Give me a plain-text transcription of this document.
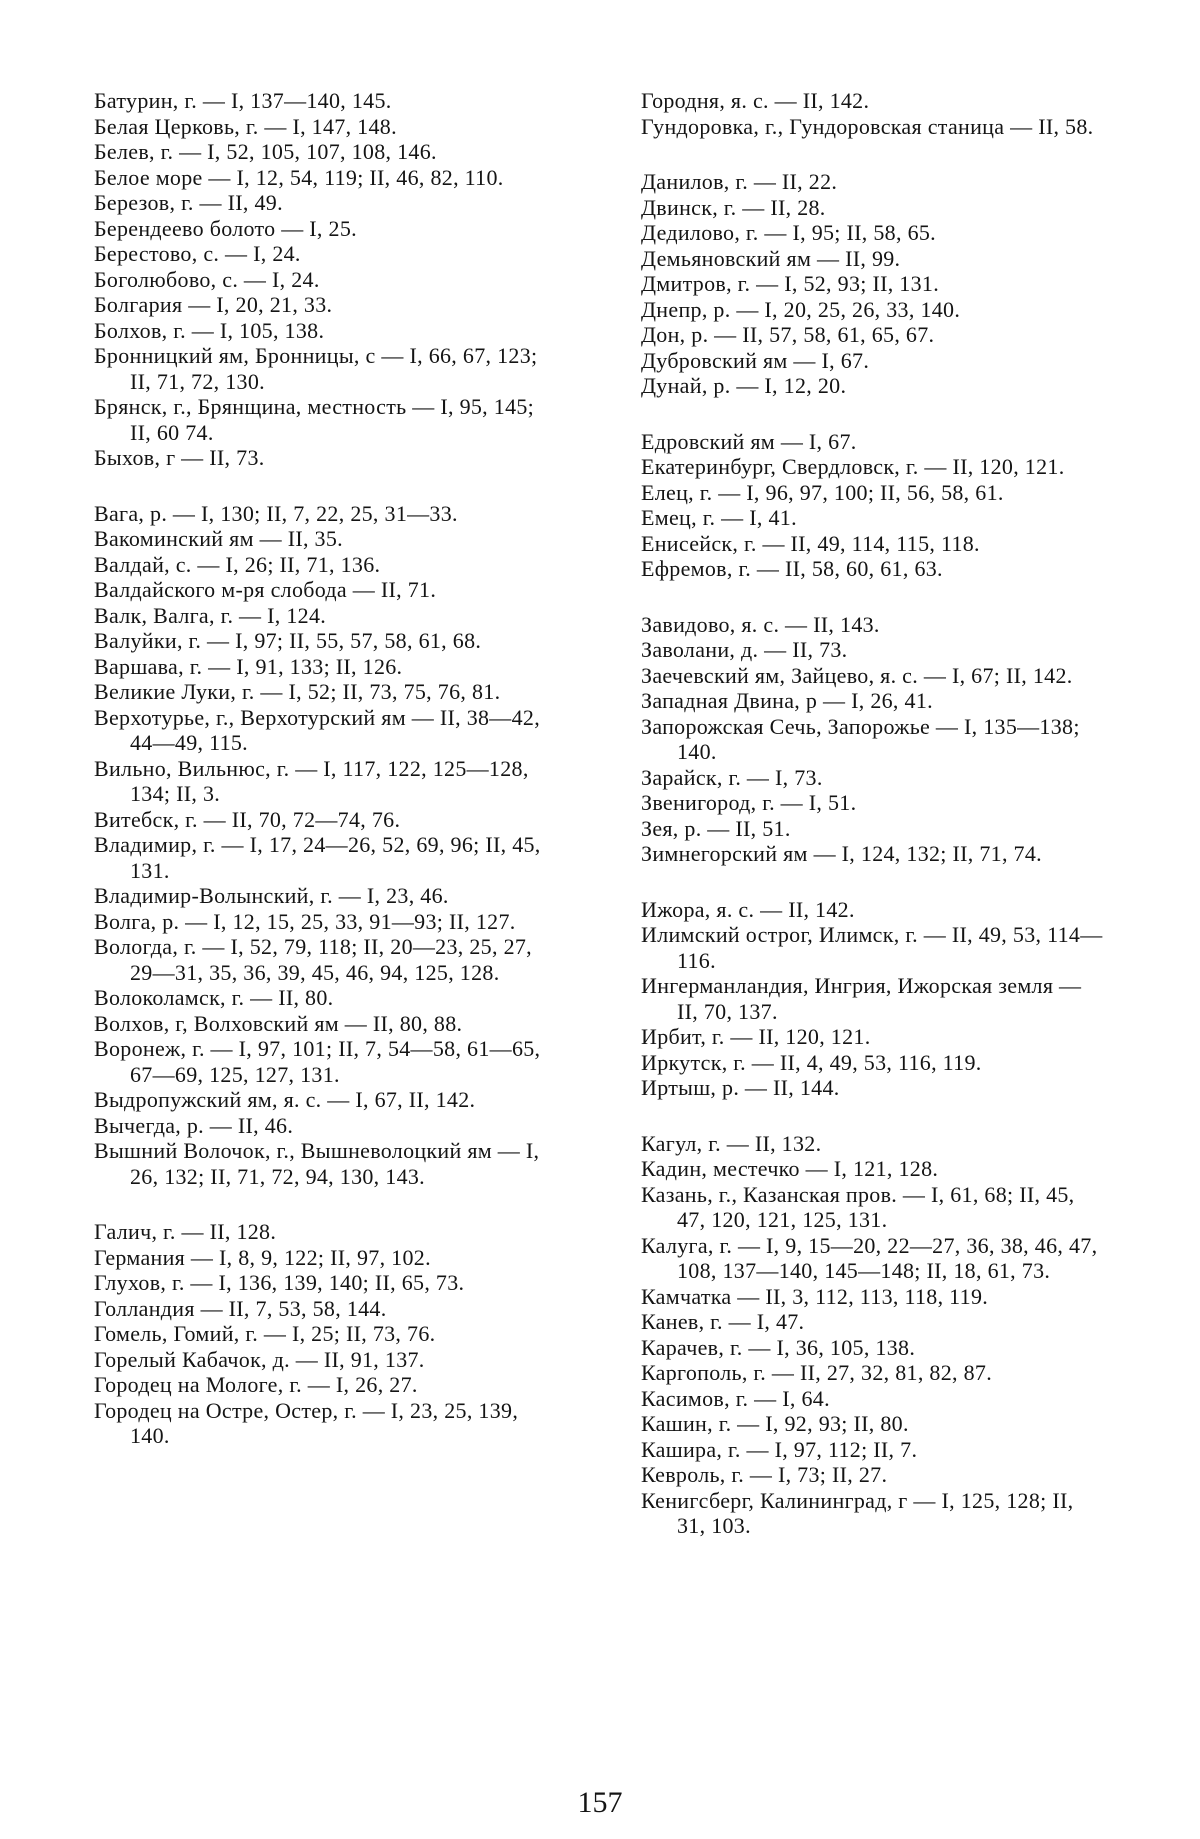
Батурин, г. — I, 137—140, 145.

Белая Церковь, г. — I, 147, 148.

Белев, г. — I, 52, 105, 107, 108, 146.

Белое море — I, 12, 54, 119; II, 46, 82, 110.

Березов, г. — II, 49.

Берендеево болото — I, 25.

Берестово, с. — I, 24.

Боголюбово, с. — I, 24.

Болгария — I, 20, 21, 33.

Болхов, г. — I, 105, 138.

Бронницкий ям, Бронницы, с — I, 66, 67, 123; II, 71, 72, 130.

Брянск, г., Брянщина, местность — I, 95, 145; II, 60 74.

Быхов, г — II, 73.

Вага, р. — I, 130; II, 7, 22, 25, 31—33.

Вакоминский ям — II, 35.

Валдай, с. — I, 26; II, 71, 136.

Валдайского м-ря слобода — II, 71.

Валк, Валга, г. — I, 124.

Валуйки, г. — I, 97; II, 55, 57, 58, 61, 68.

Варшава, г. — I, 91, 133; II, 126.

Великие Луки, г. — I, 52; II, 73, 75, 76, 81.

Верхотурье, г., Верхотурский ям — II, 38—42, 44—49, 115.

Вильно, Вильнюс, г. — I, 117, 122, 125—128, 134; II, 3.

Витебск, г. — II, 70, 72—74, 76.

Владимир, г. — I, 17, 24—26, 52, 69, 96; II, 45, 131.

Владимир-Волынский, г. — I, 23, 46.

Волга, р. — I, 12, 15, 25, 33, 91—93; II, 127.

Вологда, г. — I, 52, 79, 118; II, 20—23, 25, 27, 29—31, 35, 36, 39, 45, 46, 94, 125, 128.

Волоколамск, г. — II, 80.

Волхов, г, Волховский ям — II, 80, 88.

Воронеж, г. — I, 97, 101; II, 7, 54—58, 61—65, 67—69, 125, 127, 131.

Выдропужский ям, я. с. — I, 67, II, 142.

Вычегда, р. — II, 46.

Вышний Волочок, г., Вышневолоцкий ям — I, 26, 132; II, 71, 72, 94, 130, 143.

Галич, г. — II, 128.

Германия — I, 8, 9, 122; II, 97, 102.

Глухов, г. — I, 136, 139, 140; II, 65, 73.

Голландия — II, 7, 53, 58, 144.

Гомель, Гомий, г. — I, 25; II, 73, 76.

Горелый Кабачок, д. — II, 91, 137.

Городец на Мологе, г. — I, 26, 27.

Городец на Остре, Остер, г. — I, 23, 25, 139, 140.

Городня, я. с. — II, 142.

Гундоровка, г., Гундоровская станица — II, 58.

Данилов, г. — II, 22.

Двинск, г. — II, 28.

Дедилово, г. — I, 95; II, 58, 65.

Демьяновский ям — II, 99.

Дмитров, г. — I, 52, 93; II, 131.

Днепр, р. — I, 20, 25, 26, 33, 140.

Дон, р. — II, 57, 58, 61, 65, 67.

Дубровский ям — I, 67.

Дунай, р. — I, 12, 20.

Едровский ям — I, 67.

Екатеринбург, Свердловск, г. — II, 120, 121.

Елец, г. — I, 96, 97, 100; II, 56, 58, 61.

Емец, г. — I, 41.

Енисейск, г. — II, 49, 114, 115, 118.

Ефремов, г. — II, 58, 60, 61, 63.

Завидово, я. с. — II, 143.

Заволани, д. — II, 73.

Заечевский ям, Зайцево, я. с. — I, 67; II, 142.

Западная Двина, р — I, 26, 41.

Запорожская Сечь, Запорожье — I, 135—138; 140.

Зарайск, г. — I, 73.

Звенигород, г. — I, 51.

Зея, р. — II, 51.

Зимнегорский ям — I, 124, 132; II, 71, 74.

Ижора, я. с. — II, 142.

Илимский острог, Илимск, г. — II, 49, 53, 114—116.

Ингерманландия, Ингрия, Ижорская земля — II, 70, 137.

Ирбит, г. — II, 120, 121.

Иркутск, г. — II, 4, 49, 53, 116, 119.

Иртыш, р. — II, 144.

Кагул, г. — II, 132.

Кадин, местечко — I, 121, 128.

Казань, г., Казанская пров. — I, 61, 68; II, 45, 47, 120, 121, 125, 131.

Калуга, г. — I, 9, 15—20, 22—27, 36, 38, 46, 47, 108, 137—140, 145—148; II, 18, 61, 73.

Камчатка — II, 3, 112, 113, 118, 119.

Канев, г. — I, 47.

Карачев, г. — I, 36, 105, 138.

Каргополь, г. — II, 27, 32, 81, 82, 87.

Касимов, г. — I, 64.

Кашин, г. — I, 92, 93; II, 80.

Кашира, г. — I, 97, 112; II, 7.

Кевроль, г. — I, 73; II, 27.

Кенигсберг, Калининград, г — I, 125, 128; II, 31, 103.

157
